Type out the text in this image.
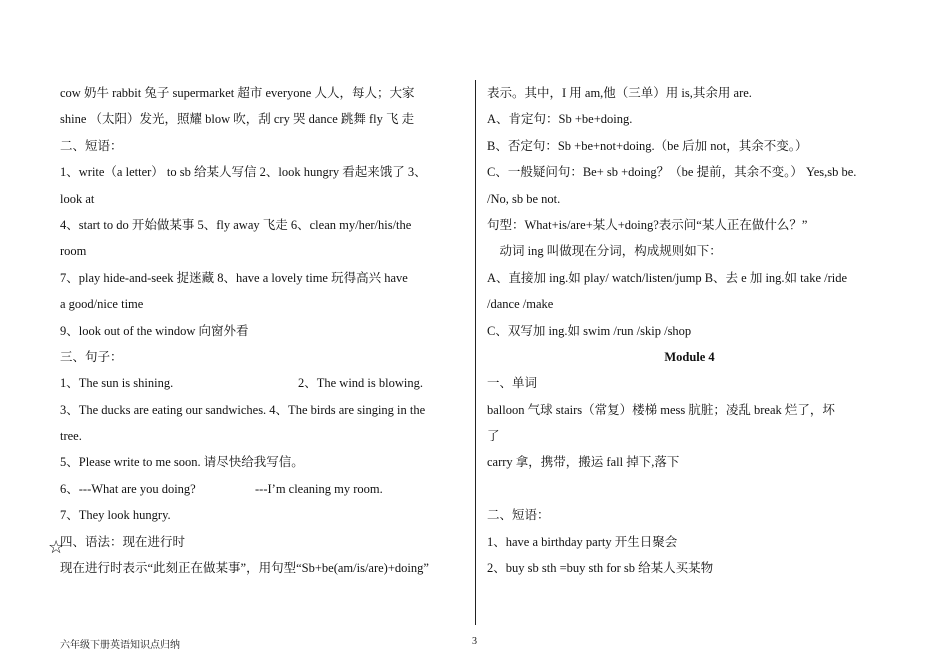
cow 奶牛 rabbit 兔子 supermarket 超市 everyone 人人，每人；大家
shine （太阳）发光，照耀 blow 吹，刮 cry 哭 dance 跳舞 fly 飞 走
二、短语：
1、write（a letter） to sb 给某人写信 2、look hungry 看起来饿了 3、
look at
4、start to do 开始做某事 5、fly away 飞走 6、clean my/her/his/the
room
7、play hide-and-seek 捉迷藏 8、have a lovely time 玩得高兴 have
a good/nice time
9、look out of the window 向窗外看
三、句子：
1、The sun is shining.	2、The wind is blowing.
3、The ducks are eating our sandwiches. 4、The birds are singing in the
tree.
5、Please write to me soon. 请尽快给我写信。
6、---What are you doing?	---I’m cleaning my room.
7、They look hungry.
四、语法：现在进行时
现在进行时表示“此刻正在做某事”，用句型“Sb+be(am/is/are)+doing”
表示。其中，I 用 am,他（三单）用 is,其余用 are.
A、肯定句：Sb +be+doing.
B、否定句：Sb +be+not+doing.（be 后加 not，其余不变。）
C、一般疑问句：Be+ sb +doing？（be 提前，其余不变。） Yes,sb be.
/No, sb be not.
句型：What+is/are+某人+doing?表示问“某人正在做什么？”
动词 ing 叫做现在分词，构成规则如下：
A、直接加 ing.如 play/ watch/listen/jump B、去 e 加 ing.如 take /ride
/dance /make
C、双写加 ing.如 swim /run /skip /shop
Module 4
一、单词
balloon 气球 stairs（常复）楼梯 mess 肮脏；凌乱 break 烂了，坏
了
carry 拿，携带，搬运 fall 掉下,落下
二、短语：
1、have a birthday party 开生日聚会
2、buy sb sth =buy sth for sb 给某人买某物
☆
六年级下册英语知识点归纳	3
